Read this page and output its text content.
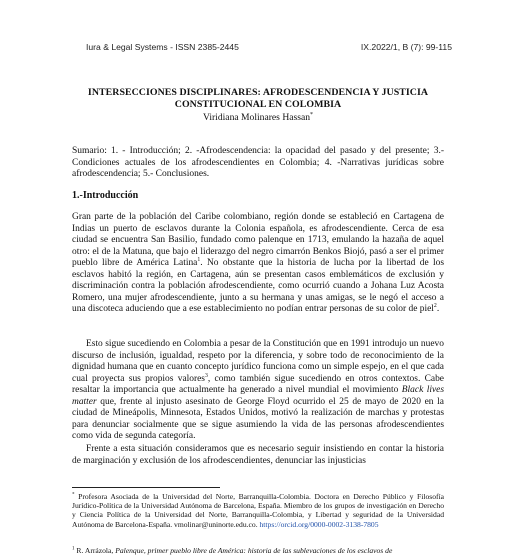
Iura & Legal Systems - ISSN 2385-2445	IX.2022/1, B (7): 99-115
INTERSECCIONES DISCIPLINARES: AFRODESCENDENCIA Y JUSTICIA
CONSTITUCIONAL EN COLOMBIA
Viridiana Molinares Hassan*
Sumario: 1. - Introducción; 2. -Afrodescendencia: la opacidad del pasado y del presente; 3.- Condiciones actuales de los afrodescendientes en Colombia; 4. -Narrativas jurídicas sobre afrodescendencia; 5.- Conclusiones.
1.-Introducción

Gran parte de la población del Caribe colombiano, región donde se estableció en Cartagena de Indias un puerto de esclavos durante la Colonia española, es afrodescendiente. Cerca de esa ciudad se encuentra San Basilio, fundado como palenque en 1713, emulando la hazaña de aquel otro: el de la Matuna, que bajo el liderazgo del negro cimarrón Benkos Biojó, pasó a ser el primer pueblo libre de América Latina$^1$. No obstante que la historia de lucha por la libertad de los esclavos habitó la región, en Cartagena, aún se presentan casos emblemáticos de exclusión y discriminación contra la población afrodescendiente, como ocurrió cuando a Johana Luz Acosta Romero, una mujer afrodescendiente, junto a su hermana y unas amigas, se le negó el acceso a una discoteca aduciendo que a ese establecimiento no podían entrar personas de su color de piel$^2$.

Esto sigue sucediendo en Colombia a pesar de la Constitución que en 1991 introdujo un nuevo discurso de inclusión, igualdad, respeto por la diferencia, y sobre todo de reconocimiento de la dignidad humana que en cuanto concepto jurídico funciona como un simple espejo, en el que cada cual proyecta sus propios valores$^3$, como también sigue sucediendo en otros contextos. Cabe resaltar la importancia que actualmente ha generado a nivel mundial el movimiento Black lives matter que, frente al injusto asesinato de George Floyd ocurrido el 25 de mayo de 2020 en la ciudad de Mineápolis, Minnesota, Estados Unidos, motivó la realización de marchas y protestas para denunciar socialmente que se sigue asumiendo la vida de las personas afrodescendientes como vida de segunda categoría.

Frente a esta situación consideramos que es necesario seguir insistiendo en contar la historia de marginación y exclusión de los afrodescendientes, denunciar las injusticias

* Profesora Asociada de la Universidad del Norte, Barranquilla-Colombia. Doctora en Derecho Público y Filosofía Jurídico-Política de la Universidad Autónoma de Barcelona, España. Miembro de los grupos de investigación en Derecho y Ciencia Política de la Universidad del Norte, Barranquilla-Colombia, y Libertad y seguridad de la Universidad Autónoma de Barcelona-España. vmolinar@uninorte.edu.co. https://orcid.org/0000-0002-3138-7805

$^1$ R. Arrázola, Palenque, primer pueblo libre de América: historia de las sublevaciones de los esclavos de
